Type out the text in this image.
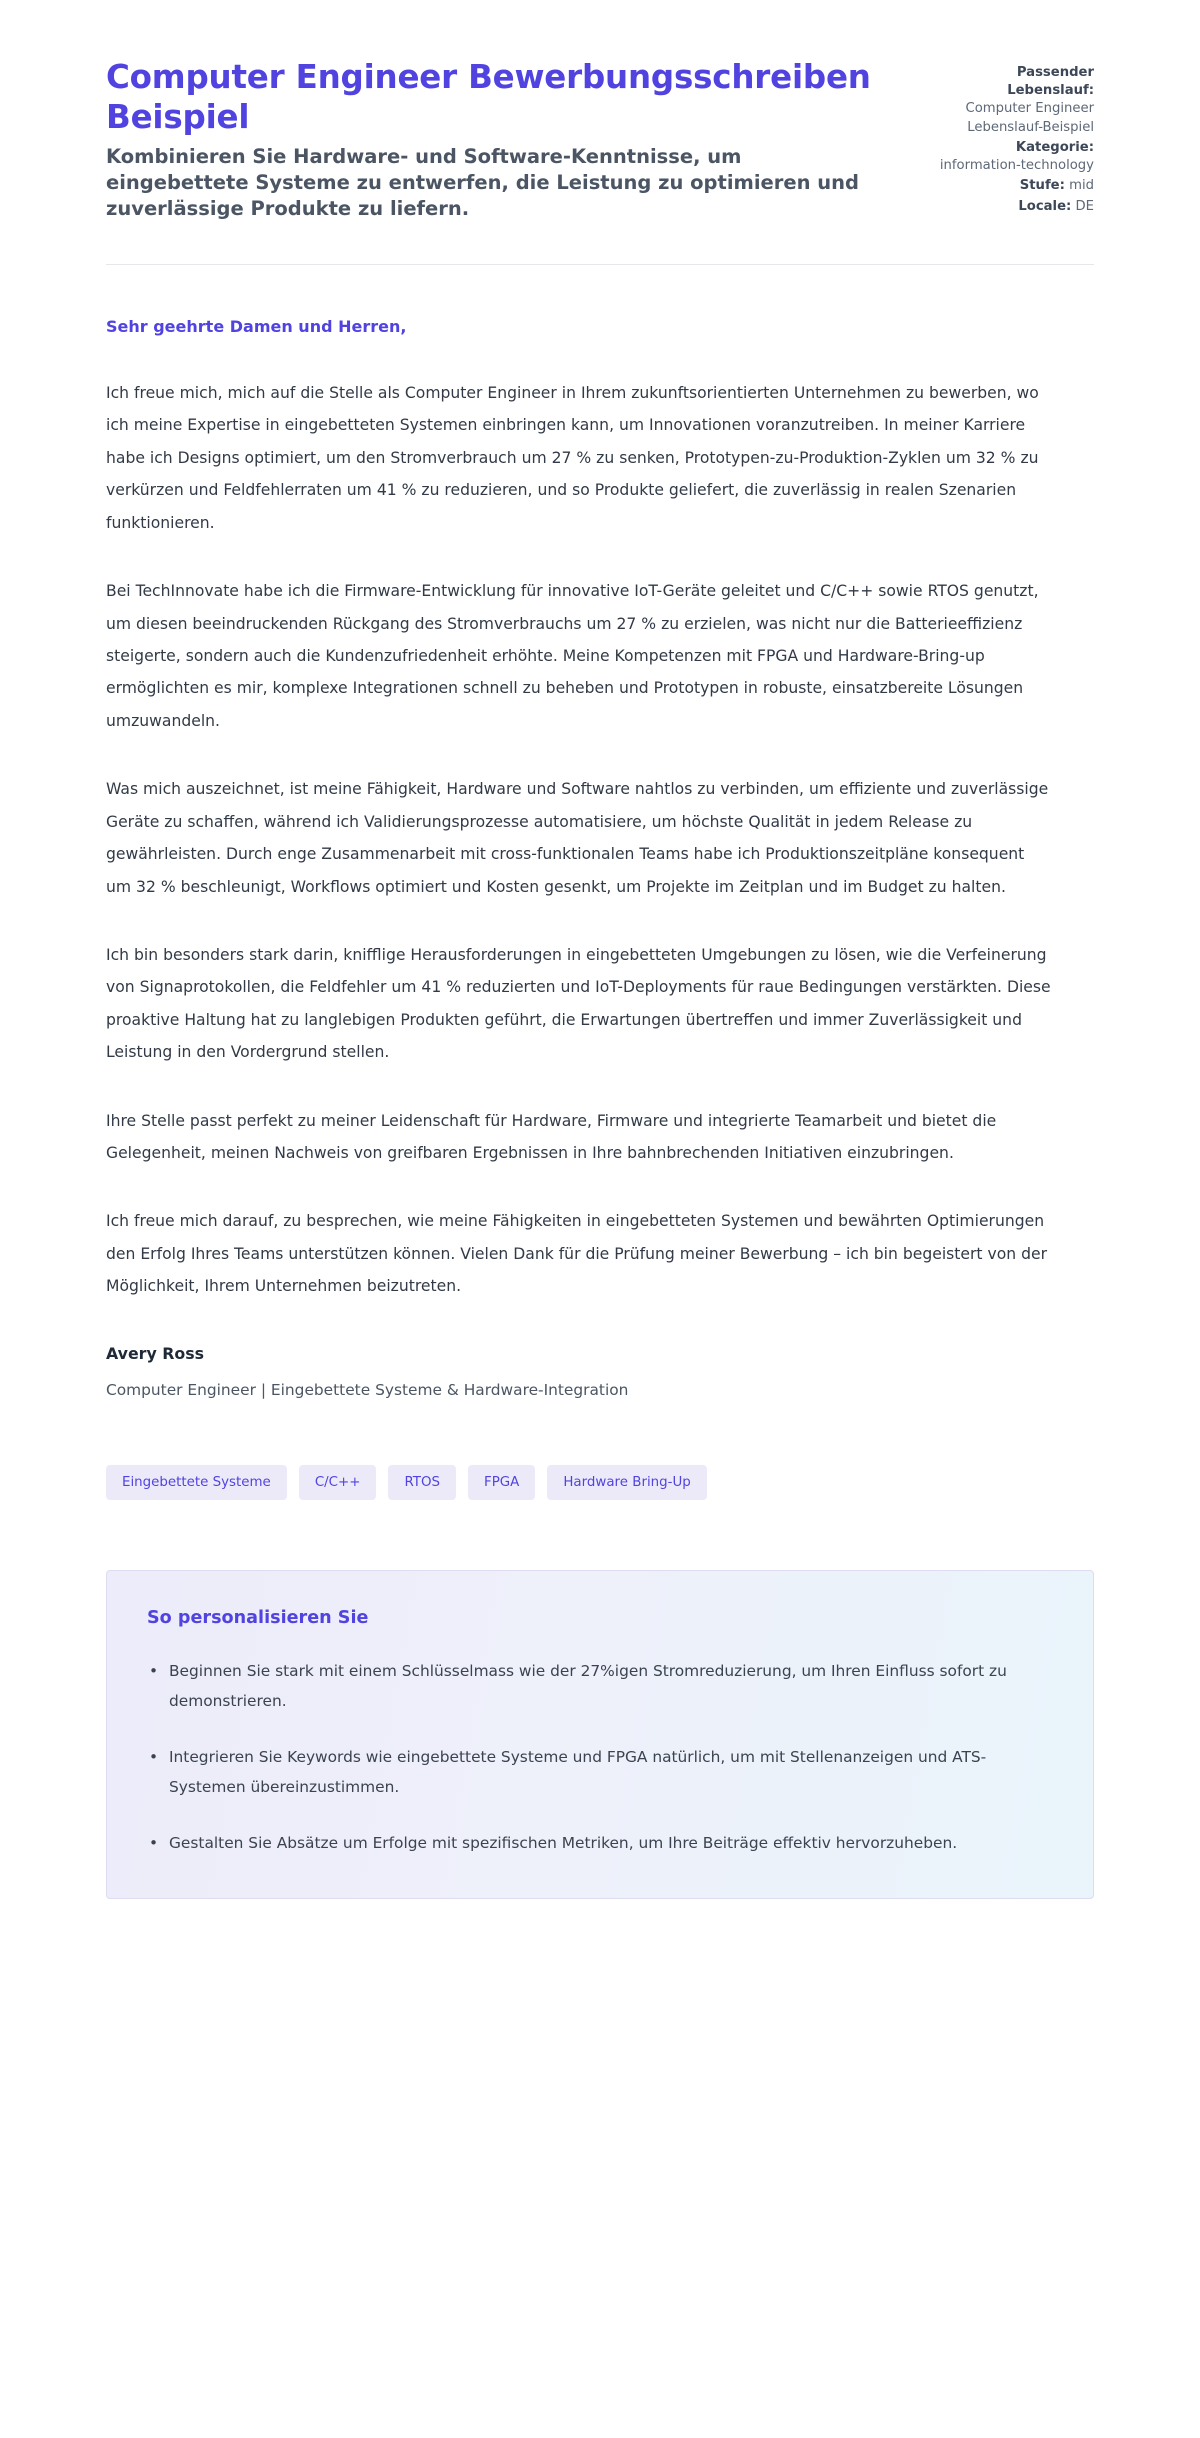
Computer Engineer Bewerbungsschreiben Beispiel

Kombinieren Sie Hardware- und Software-Kenntnisse, um eingebettete Systeme zu entwerfen, die Leistung zu optimieren und zuverlässige Produkte zu liefern.

Passender Lebenslauf:
Computer Engineer Lebenslauf-Beispiel
Kategorie:
information-technology
Stufe: mid
Locale: DE

Sehr geehrte Damen und Herren,

Ich freue mich, mich auf die Stelle als Computer Engineer in Ihrem zukunftsorientierten Unternehmen zu bewerben, wo ich meine Expertise in eingebetteten Systemen einbringen kann, um Innovationen voranzutreiben. In meiner Karriere habe ich Designs optimiert, um den Stromverbrauch um 27 % zu senken, Prototypen-zu-Produktion-Zyklen um 32 % zu verkürzen und Feldfehlerraten um 41 % zu reduzieren, und so Produkte geliefert, die zuverlässig in realen Szenarien funktionieren.

Bei TechInnovate habe ich die Firmware-Entwicklung für innovative IoT-Geräte geleitet und C/C++ sowie RTOS genutzt, um diesen beeindruckenden Rückgang des Stromverbrauchs um 27 % zu erzielen, was nicht nur die Batterieeffizienz steigerte, sondern auch die Kundenzufriedenheit erhöhte. Meine Kompetenzen mit FPGA und Hardware-Bring-up ermöglichten es mir, komplexe Integrationen schnell zu beheben und Prototypen in robuste, einsatzbereite Lösungen umzuwandeln.

Was mich auszeichnet, ist meine Fähigkeit, Hardware und Software nahtlos zu verbinden, um effiziente und zuverlässige Geräte zu schaffen, während ich Validierungsprozesse automatisiere, um höchste Qualität in jedem Release zu gewährleisten. Durch enge Zusammenarbeit mit cross-funktionalen Teams habe ich Produktionszeitpläne konsequent um 32 % beschleunigt, Workflows optimiert und Kosten gesenkt, um Projekte im Zeitplan und im Budget zu halten.

Ich bin besonders stark darin, knifflige Herausforderungen in eingebetteten Umgebungen zu lösen, wie die Verfeinerung von Signaprotokollen, die Feldfehler um 41 % reduzierten und IoT-Deployments für raue Bedingungen verstärkten. Diese proaktive Haltung hat zu langlebigen Produkten geführt, die Erwartungen übertreffen und immer Zuverlässigkeit und Leistung in den Vordergrund stellen.

Ihre Stelle passt perfekt zu meiner Leidenschaft für Hardware, Firmware und integrierte Teamarbeit und bietet die Gelegenheit, meinen Nachweis von greifbaren Ergebnissen in Ihre bahnbrechenden Initiativen einzubringen.

Ich freue mich darauf, zu besprechen, wie meine Fähigkeiten in eingebetteten Systemen und bewährten Optimierungen den Erfolg Ihres Teams unterstützen können. Vielen Dank für die Prüfung meiner Bewerbung – ich bin begeistert von der Möglichkeit, Ihrem Unternehmen beizutreten.

Avery Ross

Computer Engineer | Eingebettete Systeme & Hardware-Integration

Eingebettete Systeme	C/C++	RTOS	FPGA	Hardware Bring-Up
So personalisieren Sie
• Beginnen Sie stark mit einem Schlüsselmass wie der 27%igen Stromreduzierung, um Ihren Einfluss sofort zu demonstrieren.
• Integrieren Sie Keywords wie eingebettete Systeme und FPGA natürlich, um mit Stellenanzeigen und ATS-Systemen übereinzustimmen.
• Gestalten Sie Absätze um Erfolge mit spezifischen Metriken, um Ihre Beiträge effektiv hervorzuheben.
